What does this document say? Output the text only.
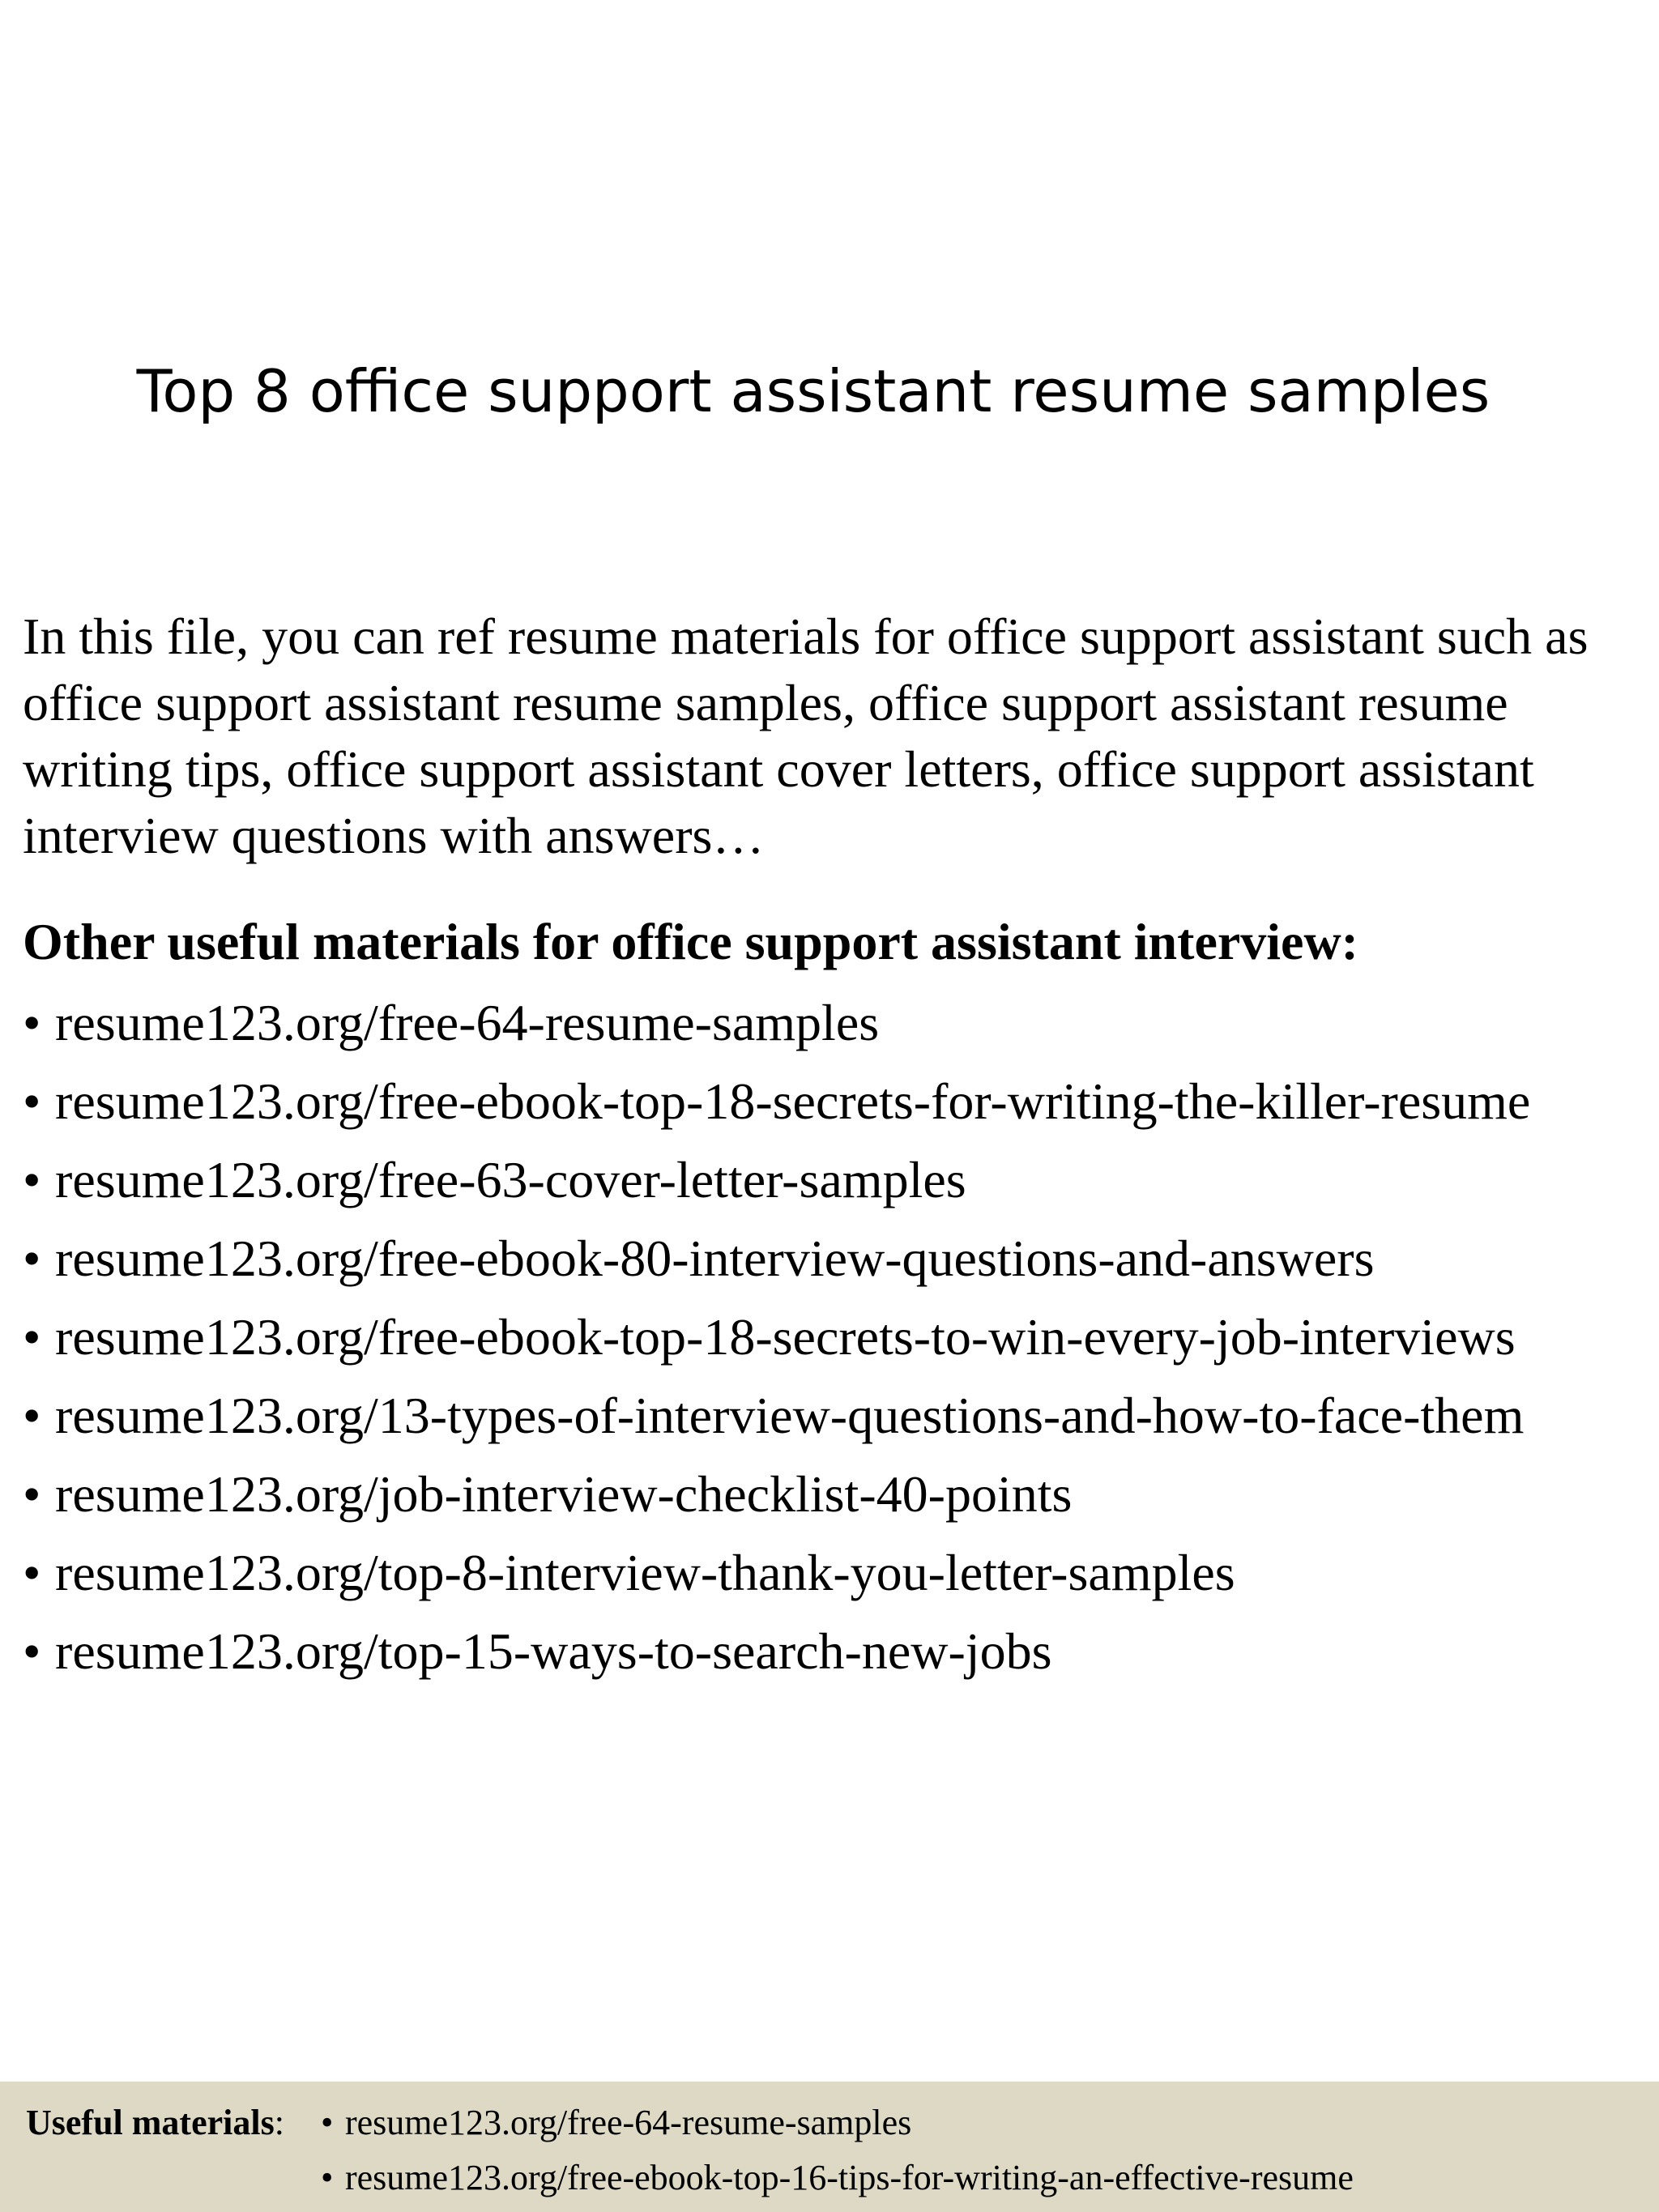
Top 8 office support assistant resume samples

In this file, you can ref resume materials for office support assistant such as office support assistant resume samples, office support assistant resume writing tips, office support assistant cover letters, office support assistant interview questions with answers…

Other useful materials for office support assistant interview:
• resume123.org/free-64-resume-samples
• resume123.org/free-ebook-top-18-secrets-for-writing-the-killer-resume
• resume123.org/free-63-cover-letter-samples
• resume123.org/free-ebook-80-interview-questions-and-answers
• resume123.org/free-ebook-top-18-secrets-to-win-every-job-interviews
• resume123.org/13-types-of-interview-questions-and-how-to-face-them
• resume123.org/job-interview-checklist-40-points
• resume123.org/top-8-interview-thank-you-letter-samples
• resume123.org/top-15-ways-to-search-new-jobs
Useful materials: • resume123.org/free-64-resume-samples
• resume123.org/free-ebook-top-16-tips-for-writing-an-effective-resume
